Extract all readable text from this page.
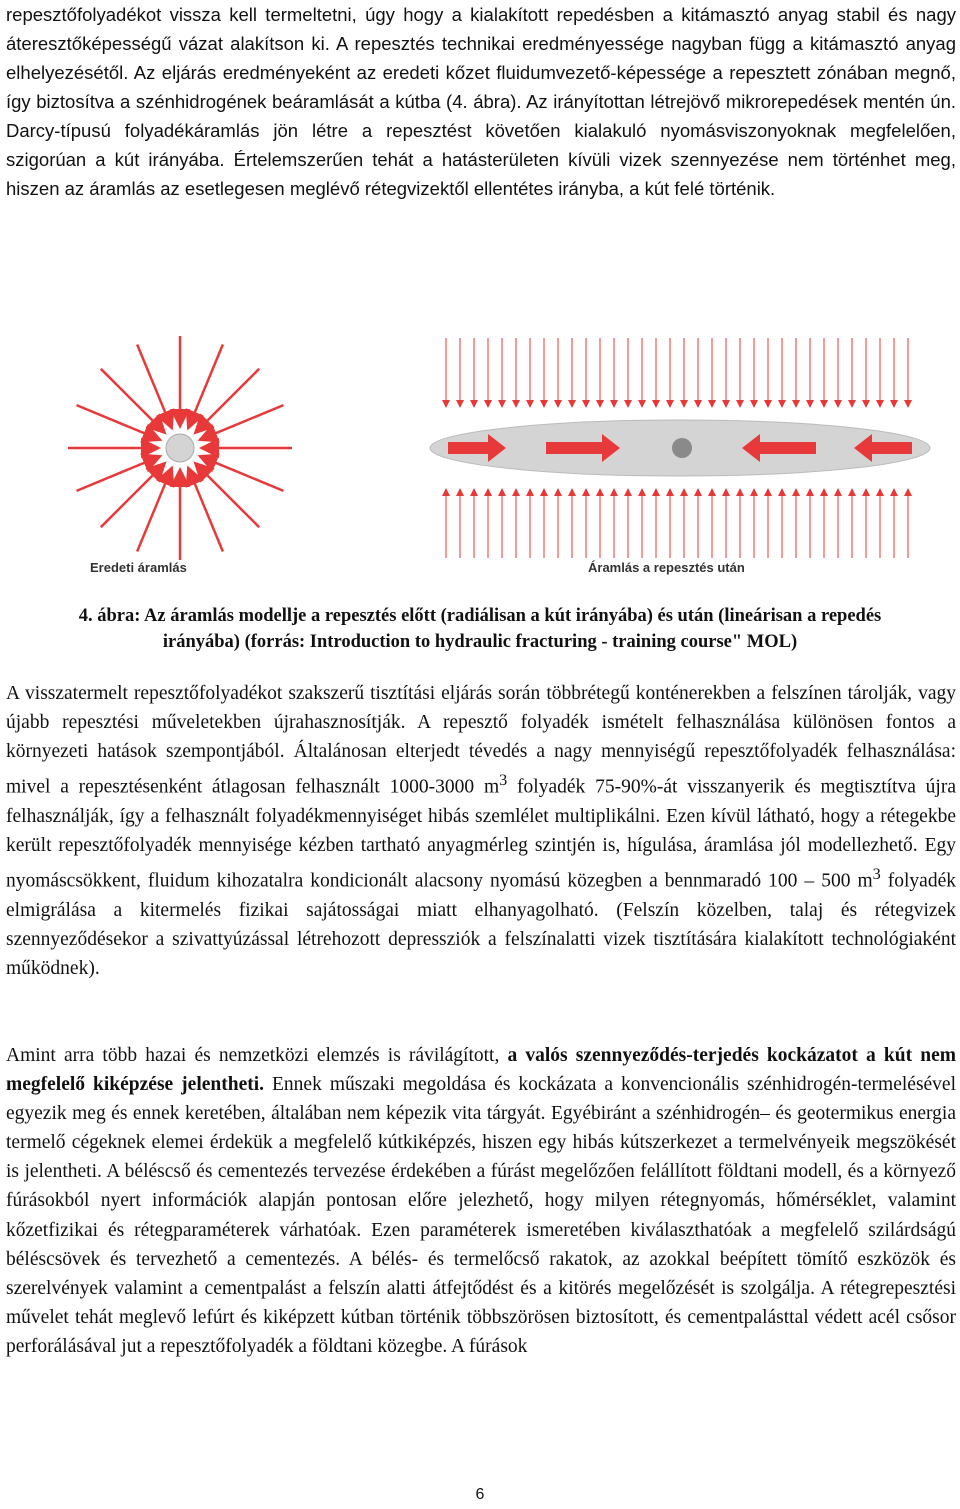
repesztőfolyadékot vissza kell termeltetni, úgy hogy a kialakított repedésben a kitámasztó anyag stabil és nagy áteresztőképességű vázat alakítson ki. A repesztés technikai eredményessége nagyban függ a kitámasztó anyag elhelyezésétől. Az eljárás eredményeként az eredeti kőzet fluidumvezető-képessége a repesztett zónában megnő, így biztosítva a szénhidrogének beáramlását a kútba (4. ábra). Az irányítottan létrejövő mikrorepedések mentén ún. Darcy-típusú folyadékáramlás jön létre a repesztést követően kialakuló nyomásviszonyoknak megfelelően, szigorúan a kút irányába. Értelemszerűen tehát a hatásterületen kívüli vizek szennyezése nem történhet meg, hiszen az áramlás az esetlegesen meglévő rétegvizektől ellentétes irányba, a kút felé történik.

Eredeti áramlás	Áramlás a repesztés után
4. ábra: Az áramlás modellje a repesztés előtt (radiálisan a kút irányába) és után (lineárisan a repedés
irányába) (forrás: Introduction to hydraulic fracturing - training course" MOL)

A visszatermelt repesztőfolyadékot szakszerű tisztítási eljárás során többrétegű konténerekben a felszínen tárolják, vagy újabb repesztési műveletekben újrahasznosítják. A repesztő folyadék ismételt felhasználása különösen fontos a környezeti hatások szempontjából. Általánosan elterjedt tévedés a nagy mennyiségű repesztőfolyadék felhasználása: mivel a repesztésenként átlagosan felhasznált 1000-3000 $m^3$ folyadék 75-90%-át visszanyerik és megtisztítva újra felhasználják, így a felhasznált folyadékmennyiséget hibás szemlélet multiplikálni. Ezen kívül látható, hogy a rétegekbe került repesztőfolyadék mennyisége kézben tartható anyagmérleg szintjén is, hígulása, áramlása jól modellezhető. Egy nyomáscsökkent, fluidum kihozatalra kondicionált alacsony nyomású közegben a bennmaradó 100 – 500 $m^3$ folyadék elmigrálása a kitermelés fizikai sajátosságai miatt elhanyagolható. (Felszín közelben, talaj és rétegvizek szennyeződésekor a szivattyúzással létrehozott depressziók a felszínalatti vizek tisztítására kialakított technológiaként működnek).

Amint arra több hazai és nemzetközi elemzés is rávilágított, a valós szennyeződés-terjedés kockázatot a kút nem megfelelő kiképzése jelentheti. Ennek műszaki megoldása és kockázata a konvencionális szénhidrogén-termelésével egyezik meg és ennek keretében, általában nem képezik vita tárgyát. Egyébiránt a szénhidrogén– és geotermikus energia termelő cégeknek elemei érdekük a megfelelő kútkiképzés, hiszen egy hibás kútszerkezet a termelvényeik megszökését is jelentheti. A béléscső és cementezés tervezése érdekében a fúrást megelőzően felállított földtani modell, és a környező fúrásokból nyert információk alapján pontosan előre jelezhető, hogy milyen rétegnyomás, hőmérséklet, valamint kőzetfizikai és rétegparaméterek várhatóak. Ezen paraméterek ismeretében kiválaszthatóak a megfelelő szilárdságú béléscsövek és tervezhető a cementezés. A bélés- és termelőcső rakatok, az azokkal beépített tömítő eszközök és szerelvények valamint a cementpalást a felszín alatti átfejtődést és a kitörés megelőzését is szolgálja. A rétegrepesztési művelet tehát meglevő lefúrt és kiképzett kútban történik többszörösen biztosított, és cementpalásttal védett acél csősor perforálásával jut a repesztőfolyadék a földtani közegbe. A fúrások

6
